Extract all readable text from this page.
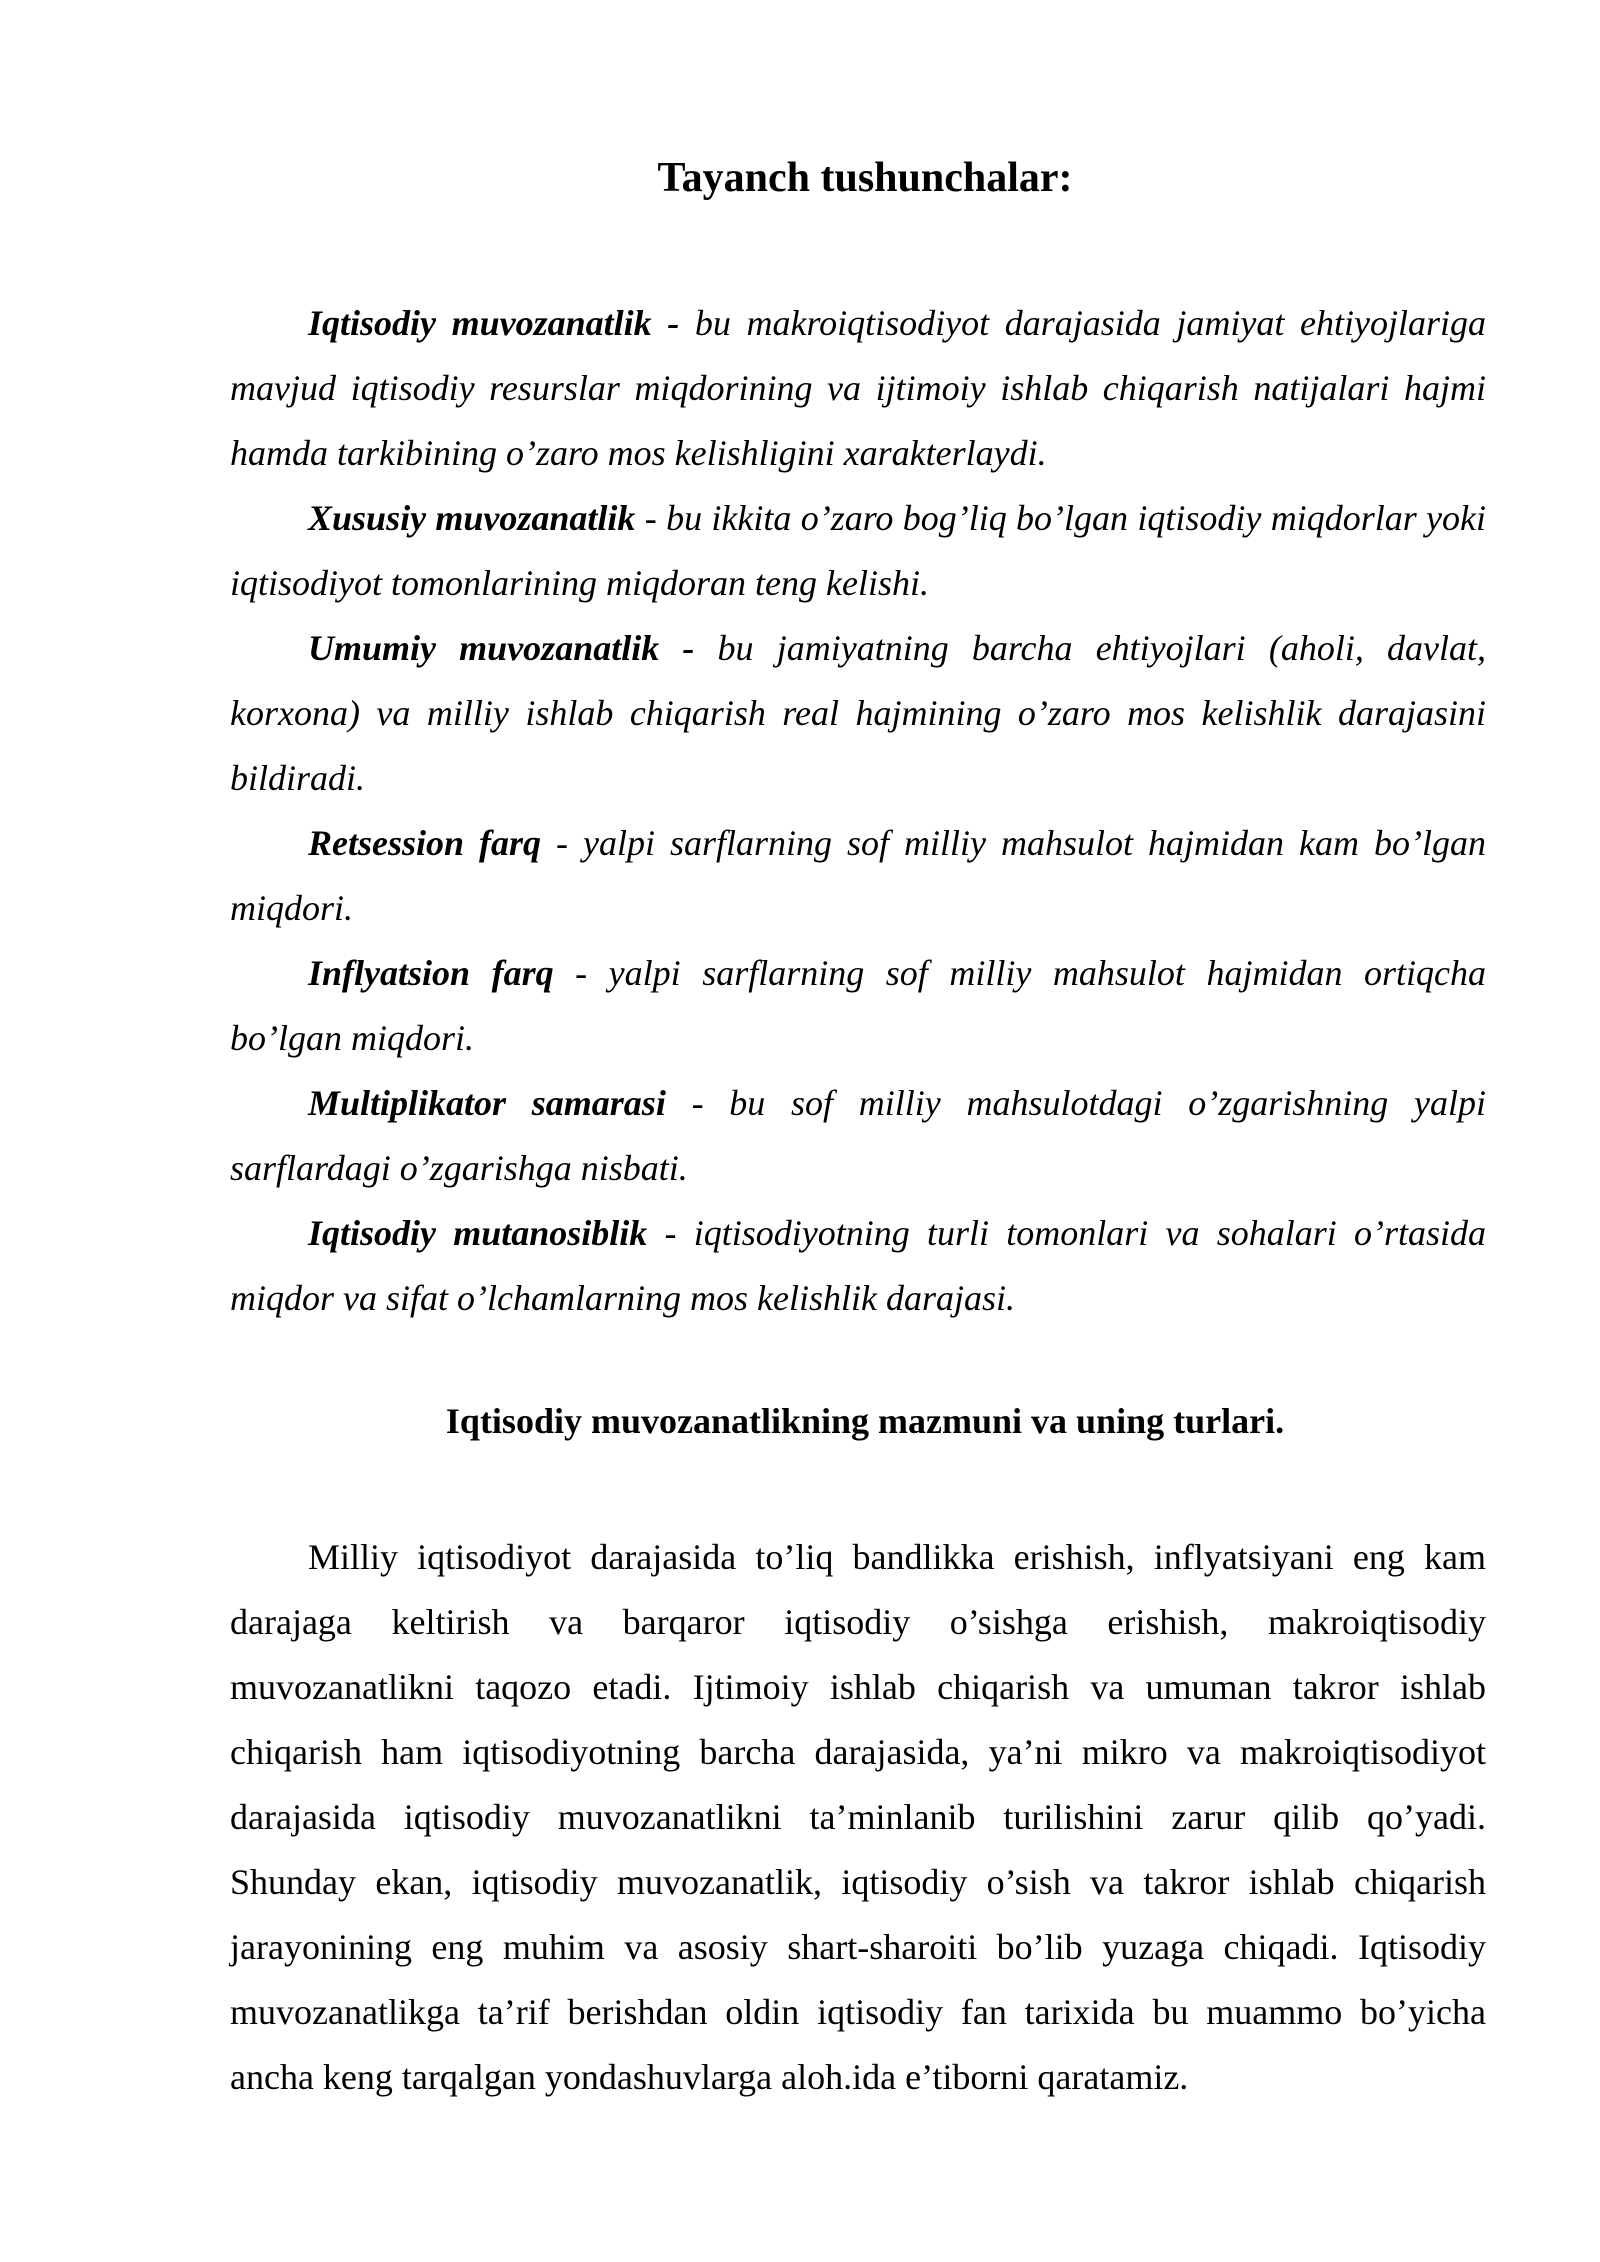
Tayanch tushunchalar:

Iqtisodiy muvozanatlik - bu makroiqtisodiyot darajasida jamiyat ehtiyojlariga mavjud iqtisodiy resurslar miqdorining va ijtimoiy ishlab chiqarish natijalari hajmi hamda tarkibining o’zaro mos kelishligini xarakterlaydi.

Xususiy muvozanatlik - bu ikkita o’zaro bog’liq bo’lgan iqtisodiy miqdorlar yoki iqtisodiyot tomonlarining miqdoran teng kelishi.

Umumiy muvozanatlik - bu jamiyatning barcha ehtiyojlari (aholi, davlat, korxona) va milliy ishlab chiqarish real hajmining o’zaro mos kelishlik darajasini bildiradi.

Retsession farq - yalpi sarflarning sof milliy mahsulot hajmidan kam bo’lgan miqdori.

Inflyatsion farq - yalpi sarflarning sof milliy mahsulot hajmidan ortiqcha bo’lgan miqdori.

Multiplikator samarasi - bu sof milliy mahsulotdagi o’zgarishning yalpi sarflardagi o’zgarishga nisbati.

Iqtisodiy mutanosiblik - iqtisodiyotning turli tomonlari va sohalari o’rtasida miqdor va sifat o’lchamlarning mos kelishlik darajasi.

Iqtisodiy muvozanatlikning mazmuni va uning turlari.

Milliy iqtisodiyot darajasida to’liq bandlikka erishish, inflyatsiyani eng kam darajaga keltirish va barqaror iqtisodiy o’sishga erishish, makroiqtisodiy muvozanatlikni taqozo etadi. Ijtimoiy ishlab chiqarish va umuman takror ishlab chiqarish ham iqtisodiyotning barcha darajasida, ya’ni mikro va makroiqtisodiyot darajasida iqtisodiy muvozanatlikni ta’minlanib turilishini zarur qilib qo’yadi. Shunday ekan, iqtisodiy muvozanatlik, iqtisodiy o’sish va takror ishlab chiqarish jarayonining eng muhim va asosiy shart-sharoiti bo’lib yuzaga chiqadi. Iqtisodiy muvozanatlikga ta’rif berishdan oldin iqtisodiy fan tarixida bu muammo bo’yicha ancha keng tarqalgan yondashuvlarga aloh.ida e’tiborni qaratamiz.
